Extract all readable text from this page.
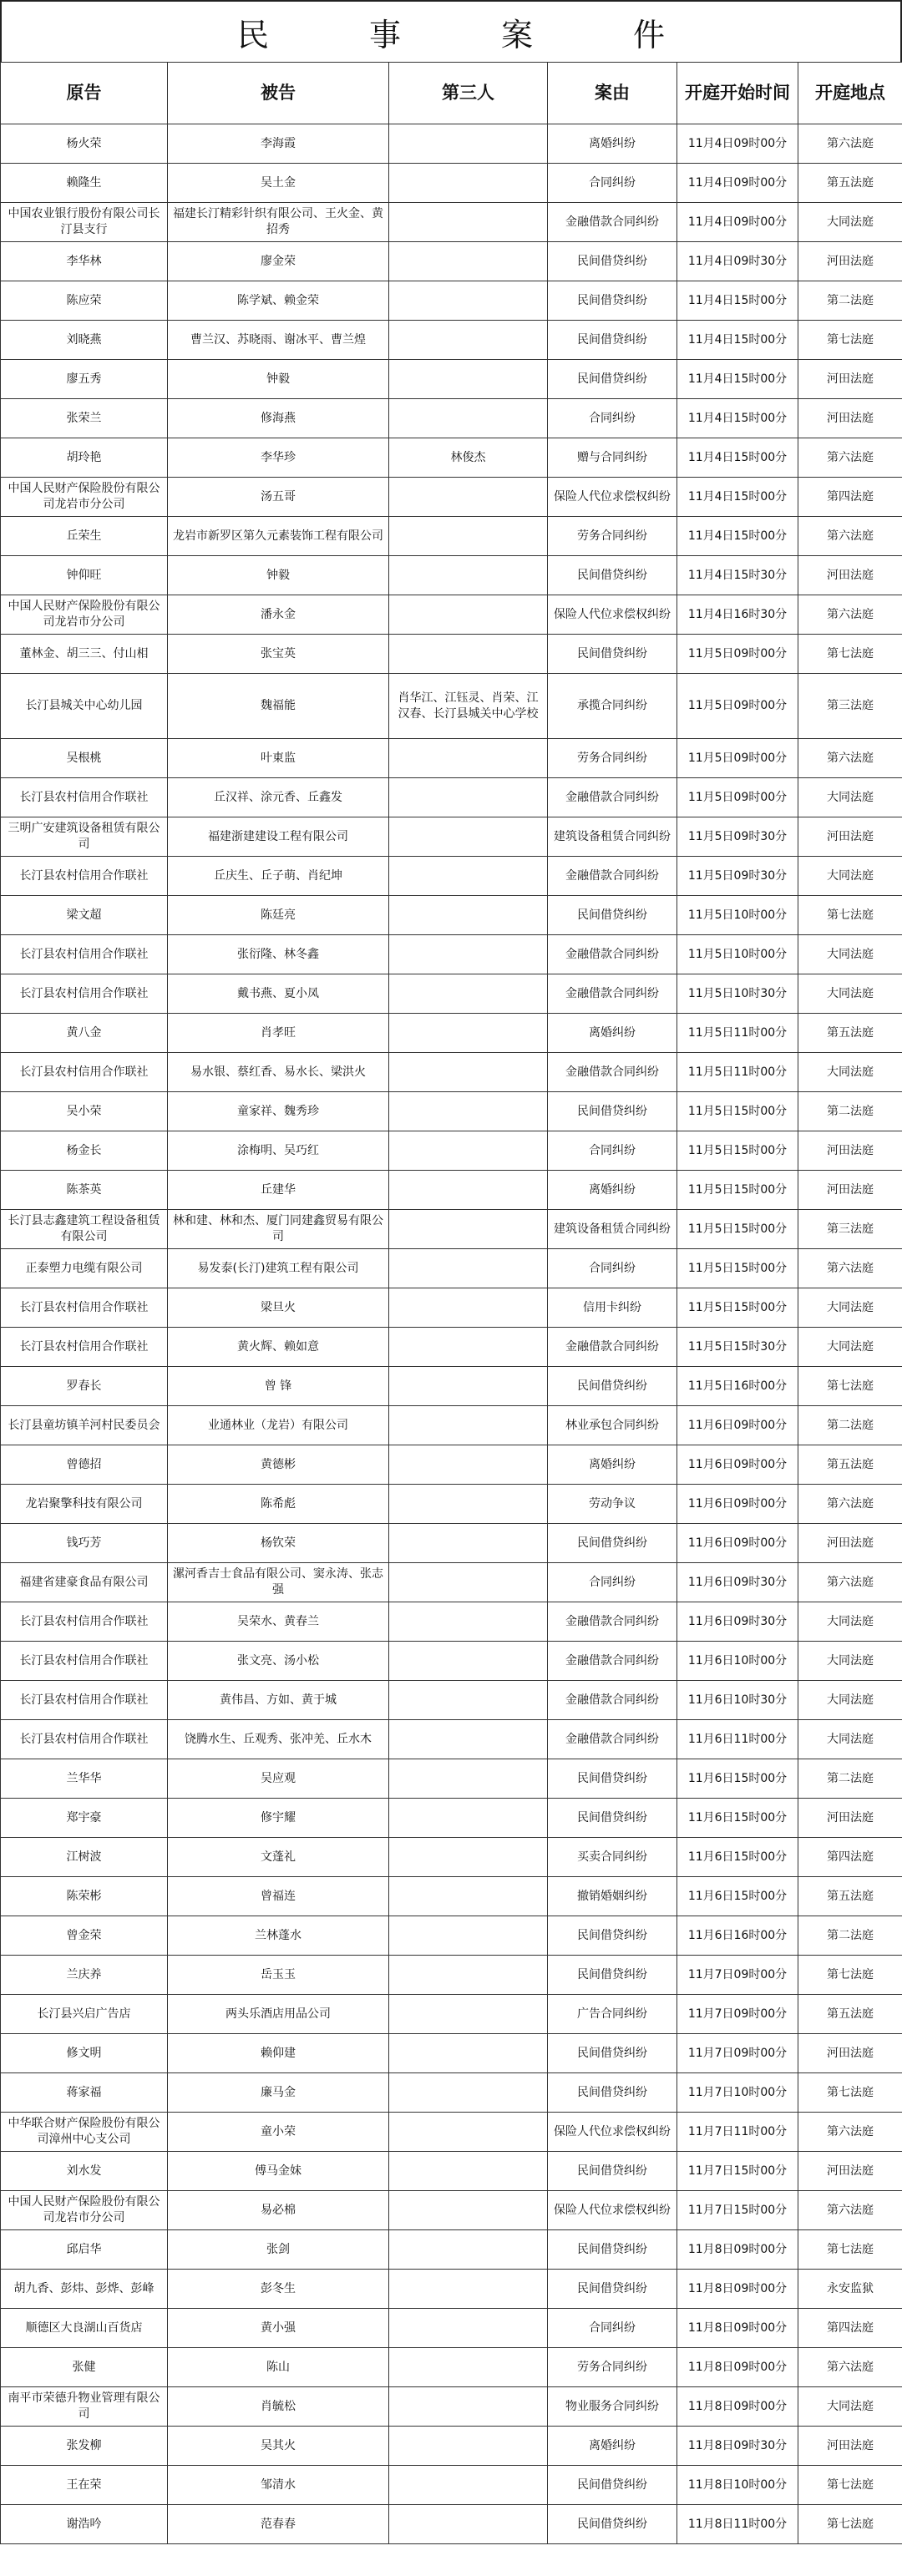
民	事	案	件
原告	被告	第三人	案由	开庭开始时间	开庭地点
杨火荣	李海霞		离婚纠纷	11月4日09时00分	第六法庭
赖隆生	吴土金		合同纠纷	11月4日09时00分	第五法庭
中国农业银行股份有限公司长汀县支行	福建长汀精彩针织有限公司、王火金、黄招秀		金融借款合同纠纷	11月4日09时00分	大同法庭
李华林	廖金荣		民间借贷纠纷	11月4日09时30分	河田法庭
陈应荣	陈学斌、赖金荣		民间借贷纠纷	11月4日15时00分	第二法庭
刘晓燕	曹兰汉、苏晓雨、谢冰平、曹兰煌		民间借贷纠纷	11月4日15时00分	第七法庭
廖五秀	钟毅		民间借贷纠纷	11月4日15时00分	河田法庭
张荣兰	修海燕		合同纠纷	11月4日15时00分	河田法庭
胡玲艳	李华珍	林俊杰	赠与合同纠纷	11月4日15时00分	第六法庭
中国人民财产保险股份有限公司龙岩市分公司	汤五哥		保险人代位求偿权纠纷	11月4日15时00分	第四法庭
丘荣生	龙岩市新罗区第久元素装饰工程有限公司		劳务合同纠纷	11月4日15时00分	第六法庭
钟仰旺	钟毅		民间借贷纠纷	11月4日15时30分	河田法庭
中国人民财产保险股份有限公司龙岩市分公司	潘永金		保险人代位求偿权纠纷	11月4日16时30分	第六法庭
董林金、胡三三、付山相	张宝英		民间借贷纠纷	11月5日09时00分	第七法庭
长汀县城关中心幼儿园	魏福能	肖华江、江钰灵、肖荣、江汉春、长汀县城关中心学校	承揽合同纠纷	11月5日09时00分	第三法庭
吴根桃	叶東监		劳务合同纠纷	11月5日09时00分	第六法庭
长汀县农村信用合作联社	丘汉祥、涂元香、丘鑫发		金融借款合同纠纷	11月5日09时00分	大同法庭
三明广安建筑设备租赁有限公司	福建浙建建设工程有限公司		建筑设备租赁合同纠纷	11月5日09时30分	河田法庭
长汀县农村信用合作联社	丘庆生、丘子萌、肖纪坤		金融借款合同纠纷	11月5日09时30分	大同法庭
梁文超	陈廷亮		民间借贷纠纷	11月5日10时00分	第七法庭
长汀县农村信用合作联社	张衍隆、林冬鑫		金融借款合同纠纷	11月5日10时00分	大同法庭
长汀县农村信用合作联社	戴书燕、夏小凤		金融借款合同纠纷	11月5日10时30分	大同法庭
黄八金	肖孝旺		离婚纠纷	11月5日11时00分	第五法庭
长汀县农村信用合作联社	易水银、蔡红香、易水长、梁洪火		金融借款合同纠纷	11月5日11时00分	大同法庭
吴小荣	童家祥、魏秀珍		民间借贷纠纷	11月5日15时00分	第二法庭
杨金长	涂梅明、吴巧红		合同纠纷	11月5日15时00分	河田法庭
陈茶英	丘建华		离婚纠纷	11月5日15时00分	河田法庭
长汀县志鑫建筑工程设备租赁有限公司	林和建、林和杰、厦门同建鑫贸易有限公司		建筑设备租赁合同纠纷	11月5日15时00分	第三法庭
正泰塑力电缆有限公司	易发泰(长汀)建筑工程有限公司		合同纠纷	11月5日15时00分	第六法庭
长汀县农村信用合作联社	梁旦火		信用卡纠纷	11月5日15时00分	大同法庭
长汀县农村信用合作联社	黄火辉、赖如意		金融借款合同纠纷	11月5日15时30分	大同法庭
罗春长	曾 锋		民间借贷纠纷	11月5日16时00分	第七法庭
长汀县童坊镇羊河村民委员会	业通林业（龙岩）有限公司		林业承包合同纠纷	11月6日09时00分	第二法庭
曾德招	黄德彬		离婚纠纷	11月6日09时00分	第五法庭
龙岩聚擎科技有限公司	陈希彪		劳动争议	11月6日09时00分	第六法庭
钱巧芳	杨钦荣		民间借贷纠纷	11月6日09时00分	河田法庭
福建省建豪食品有限公司	漯河香吉士食品有限公司、窦永涛、张志强		合同纠纷	11月6日09时30分	第六法庭
长汀县农村信用合作联社	吴荣水、黄春兰		金融借款合同纠纷	11月6日09时30分	大同法庭
长汀县农村信用合作联社	张文亮、汤小松		金融借款合同纠纷	11月6日10时00分	大同法庭
长汀县农村信用合作联社	黄伟昌、方如、黄于城		金融借款合同纠纷	11月6日10时30分	大同法庭
长汀县农村信用合作联社	饶腾水生、丘观秀、张冲羌、丘水木		金融借款合同纠纷	11月6日11时00分	大同法庭
兰华华	吴应观		民间借贷纠纷	11月6日15时00分	第二法庭
郑宇豪	修宇耀		民间借贷纠纷	11月6日15时00分	河田法庭
江树波	文蓬礼		买卖合同纠纷	11月6日15时00分	第四法庭
陈荣彬	曾福连		撤销婚姻纠纷	11月6日15时00分	第五法庭
曾金荣	兰林蓬水		民间借贷纠纷	11月6日16时00分	第二法庭
兰庆养	岳玉玉		民间借贷纠纷	11月7日09时00分	第七法庭
长汀县兴启广告店	两头乐酒店用品公司		广告合同纠纷	11月7日09时00分	第五法庭
修文明	赖仰建		民间借贷纠纷	11月7日09时00分	河田法庭
蒋家福	廉马金		民间借贷纠纷	11月7日10时00分	第七法庭
中华联合财产保险股份有限公司漳州中心支公司	童小荣		保险人代位求偿权纠纷	11月7日11时00分	第六法庭
刘水发	傅马金妹		民间借贷纠纷	11月7日15时00分	河田法庭
中国人民财产保险股份有限公司龙岩市分公司	易必棉		保险人代位求偿权纠纷	11月7日15时00分	第六法庭
邱启华	张剑		民间借贷纠纷	11月8日09时00分	第七法庭
胡九香、彭炜、彭烨、彭峰	彭冬生		民间借贷纠纷	11月8日09时00分	永安监狱
顺德区大良湖山百货店	黄小强		合同纠纷	11月8日09时00分	第四法庭
张健	陈山		劳务合同纠纷	11月8日09时00分	第六法庭
南平市荣德升物业管理有限公司	肖毓松		物业服务合同纠纷	11月8日09时00分	大同法庭
张发柳	吴其火		离婚纠纷	11月8日09时30分	河田法庭
王在荣	邹清水		民间借贷纠纷	11月8日10时00分	第七法庭
谢浩吟	范春春		民间借贷纠纷	11月8日11时00分	第七法庭
